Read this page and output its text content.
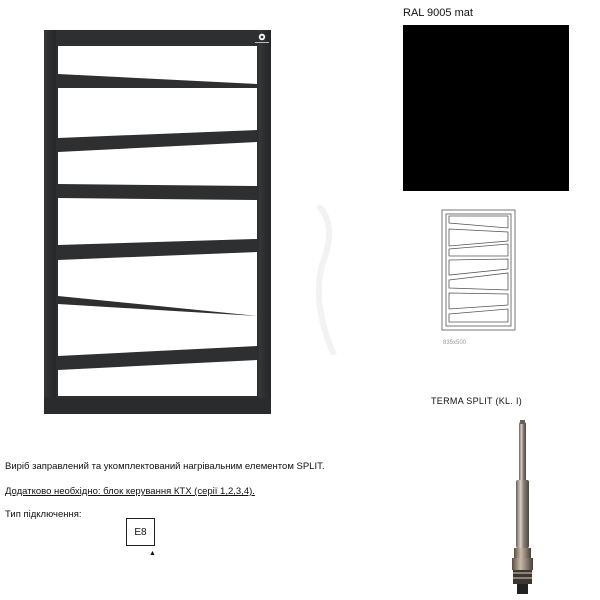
RAL 9005 mat
835x500
TERMA SPLIT (KL. I)
Виріб заправлений та укомплектований нагрівальним елементом SPLIT.
Додатково необхідно: блок керування КТХ (серії 1,2,3,4).
Тип підключення:
E8
▲
